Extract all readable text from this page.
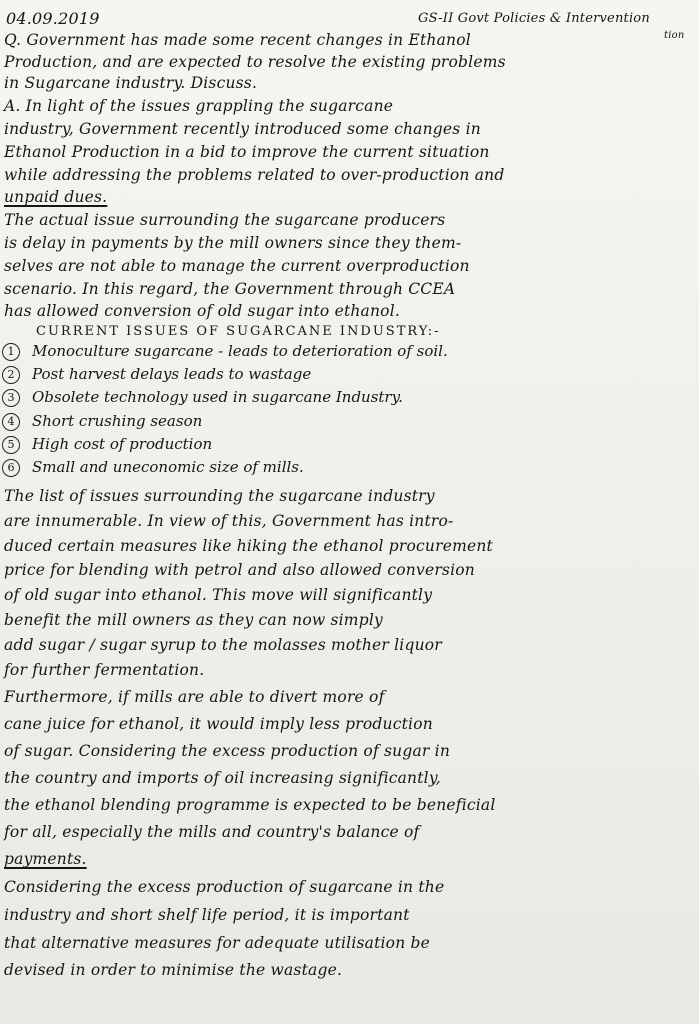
04.09.2019	GS-II Govt Policies & Intervention
tion
Q. Government has made some recent changes in Ethanol
Production, and are expected to resolve the existing problems
in Sugarcane industry. Discuss.
A. In light of the issues grappling the sugarcane
industry, Government recently introduced some changes in
Ethanol Production in a bid to improve the current situation
while addressing the problems related to over-production and
unpaid dues.
The actual issue surrounding the sugarcane producers
is delay in payments by the mill owners since they them-
selves are not able to manage the current overproduction
scenario. In this regard, the Government through CCEA
has allowed conversion of old sugar into ethanol.
CURRENT ISSUES OF SUGARCANE INDUSTRY:-
1 Monoculture sugarcane - leads to deterioration of soil.
2 Post harvest delays leads to wastage
3 Obsolete technology used in sugarcane Industry.
4 Short crushing season
5 High cost of production
6 Small and uneconomic size of mills.
The list of issues surrounding the sugarcane industry
are innumerable. In view of this, Government has intro-
duced certain measures like hiking the ethanol procurement
price for blending with petrol and also allowed conversion
of old sugar into ethanol. This move will significantly
benefit the mill owners as they can now simply
add sugar / sugar syrup to the molasses mother liquor
for further fermentation.
Furthermore, if mills are able to divert more of
cane juice for ethanol, it would imply less production
of sugar. Considering the excess production of sugar in
the country and imports of oil increasing significantly,
the ethanol blending programme is expected to be beneficial
for all, especially the mills and country's balance of
payments.
Considering the excess production of sugarcane in the
industry and short shelf life period, it is important
that alternative measures for adequate utilisation be
devised in order to minimise the wastage.
